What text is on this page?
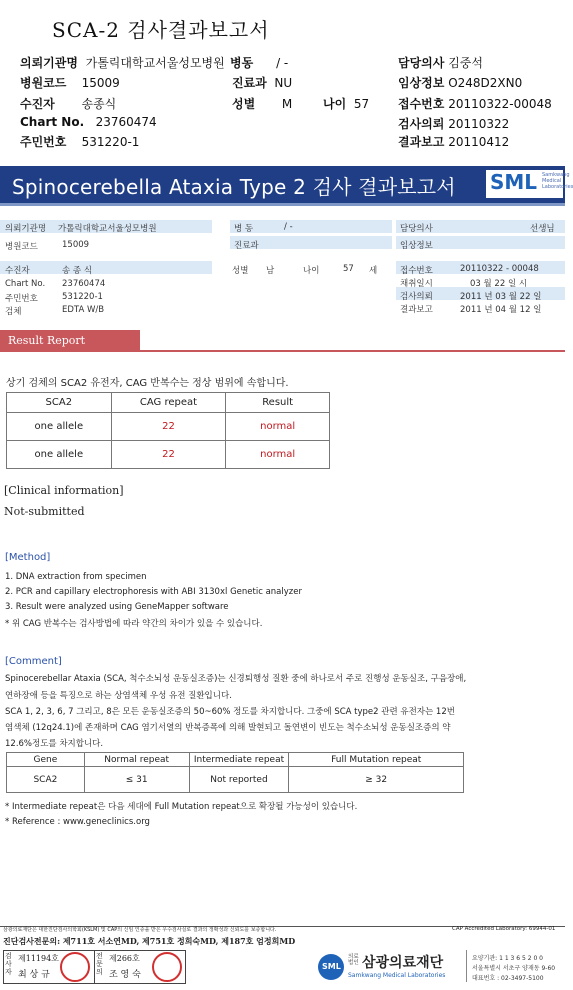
SCA-2 검사결과보고서
의뢰기관명 가톨릭대학교서울성모병원
병원코드 15009
수진자 송종식
Chart No. 23760474
주민번호 531220-1
병동 / -
진료과 NU
성별 M	나이 57
담당의사 김중석
임상정보 O248D2XN0
접수번호 20110322-00048
검사의뢰 20110322
결과보고 20110412
Spinocerebella Ataxia Type 2 검사 결과보고서 SML Samkwang Medical Laboratories
의뢰기관명 가톨릭대학교서울성모병원
병원코드	15009
수진자	송 종 식
Chart No. 23760474
주민번호	531220-1
검체	EDTA W/B
병 동	/ -
진료과
성별 남	나이	57 세
담당의사	선생님
임상정보
접수번호	20110322 - 00048
채취일시	03 월 22 일 시
검사의뢰	2011 년 03 월 22 일
결과보고	2011 년 04 월 12 일
Result Report
상기 검체의 SCA2 유전자, CAG 반복수는 정상 범위에 속합니다.
SCA2	CAG repeat	Result
one allele	22	normal
one allele	22	normal
[Clinical information]
Not-submitted
[Method]
1. DNA extraction from specimen
2. PCR and capillary electrophoresis with ABI 3130xl Genetic analyzer
3. Result were analyzed using GeneMapper software
* 위 CAG 반복수는 검사방법에 따라 약간의 차이가 있을 수 있습니다.
[Comment]
Spinocerebellar Ataxia (SCA, 척수소뇌성 운동실조증)는 신경퇴행성 질환 중에 하나로서 주로 진행성 운동실조, 구음장애,
연하장애 등을 특징으로 하는 상염색체 우성 유전 질환입니다.
SCA 1, 2, 3, 6, 7 그리고, 8은 모든 운동실조증의 50~60% 정도를 차지합니다. 그중에 SCA type2 관련 유전자는 12번
염색체 (12q24.1)에 존재하며 CAG 염기서열의 반복증폭에 의해 발현되고 돌연변이 빈도는 척수소뇌성 운동실조증의 약
12.6%정도를 차지합니다.
Gene	Normal repeat	Intermediate repeat	Full Mutation repeat
SCA2	≤ 31	Not reported	≥ 32
* Intermediate repeat은 다음 세대에 Full Mutation repeat으로 확장될 가능성이 있습니다.
* Reference : www.geneclinics.org
삼광의료재단은 대한진단검사의학회(KSLM) 및 CAP의 신임 인증을 받은 우수검사실로 결과의 정확성과 신뢰도를 보증합니다.	CAP Accredited Laboratory: 69944-01
진단검사전문의: 제711호 서소연MD, 제751호 정희숙MD, 제187호 엄정희MD
검사자
제11194호
최 상 규
전문의
제266호
조 영 숙
SML
의료법인 삼광의료재단
Samkwang Medical Laboratories
요양기관: 1 1 3 6 5 2 0 0
서울특별시 서초구 양재동 9-60
대표번호 : 02-3497-5100
